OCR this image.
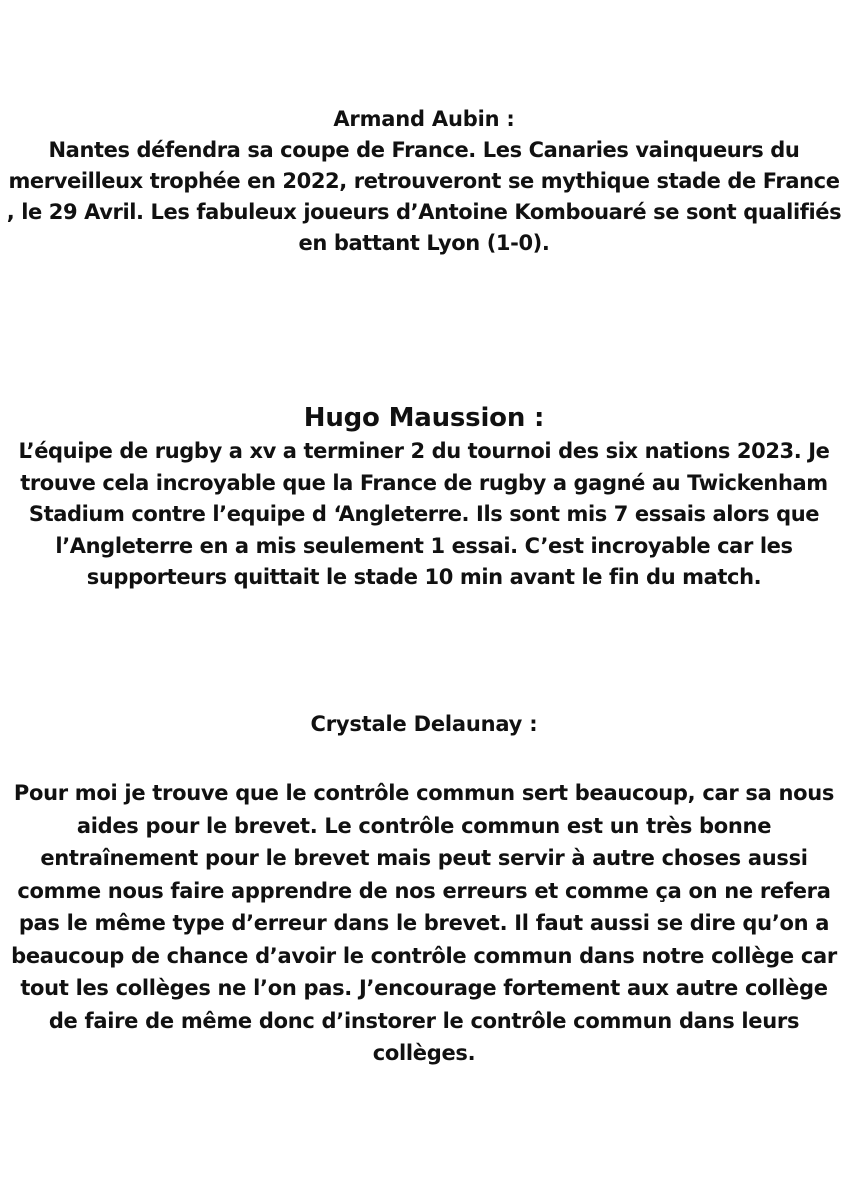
Armand Aubin :
Nantes défendra sa coupe de France. Les Canaries vainqueurs du merveilleux trophée en 2022, retrouveront se mythique stade de France , le 29 Avril. Les fabuleux joueurs d’Antoine Kombouaré se sont qualifiés en battant Lyon (1-0).
Hugo Maussion :
L’équipe de rugby a xv a terminer 2 du tournoi des six nations 2023. Je trouve cela incroyable que la France de rugby a gagné au Twickenham Stadium contre l’equipe d ‘Angleterre. Ils sont mis 7 essais alors que l’Angleterre en a mis seulement 1 essai. C’est incroyable car les supporteurs quittait le stade 10 min avant le fin du match.
Crystale Delaunay :
Pour moi je trouve que le contrôle commun sert beaucoup, car sa nous aides pour le brevet. Le contrôle commun est un très bonne entraînement pour le brevet mais peut servir à autre choses aussi comme nous faire apprendre de nos erreurs et comme ça on ne refera pas le même type d’erreur dans le brevet. Il faut aussi se dire qu’on a beaucoup de chance d’avoir le contrôle commun dans notre collège car tout les collèges ne l’on pas. J’encourage fortement aux autre collège de faire de même donc d’instorer le contrôle commun dans leurs collèges.
